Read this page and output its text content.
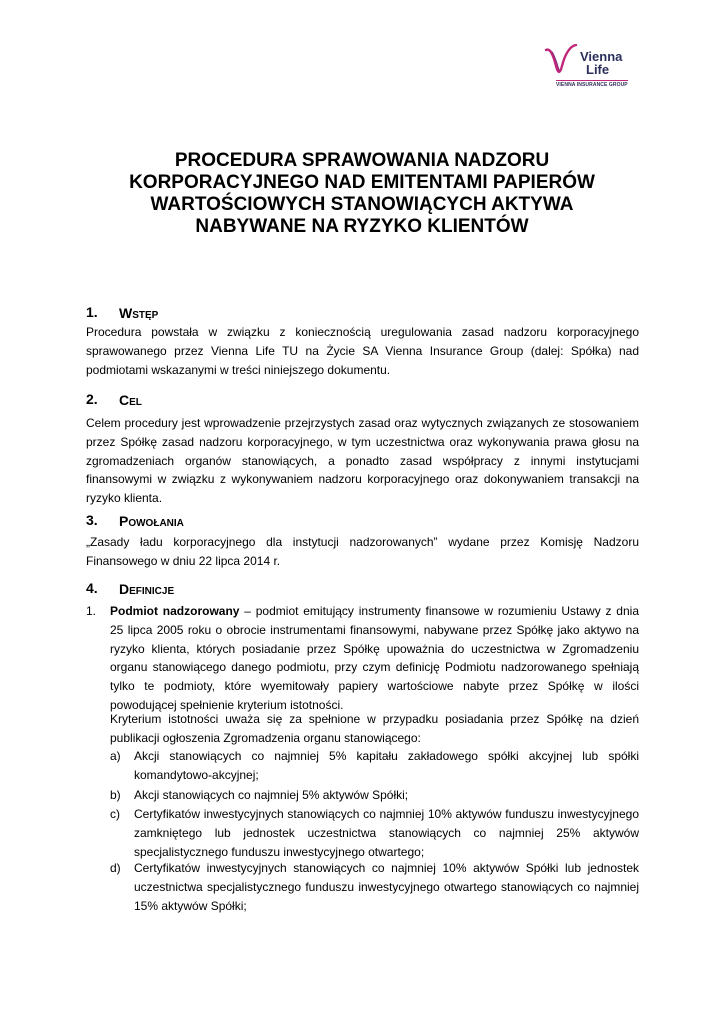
Vienna
Life
VIENNA INSURANCE GROUP
PROCEDURA SPRAWOWANIA NADZORU
KORPORACYJNEGO NAD EMITENTAMI PAPIERÓW
WARTOŚCIOWYCH STANOWIĄCYCH AKTYWA
NABYWANE NA RYZYKO KLIENTÓW
1. Wstęp
Procedura powstała w związku z koniecznością uregulowania zasad nadzoru korporacyjnego sprawowanego przez Vienna Life TU na Życie SA Vienna Insurance Group (dalej: Spółka) nad podmiotami wskazanymi w treści niniejszego dokumentu.
2. Cel
Celem procedury jest wprowadzenie przejrzystych zasad oraz wytycznych związanych ze stosowaniem przez Spółkę zasad nadzoru korporacyjnego, w tym uczestnictwa oraz wykonywania prawa głosu na zgromadzeniach organów stanowiących, a ponadto zasad współpracy z innymi instytucjami finansowymi w związku z wykonywaniem nadzoru korporacyjnego oraz dokonywaniem transakcji na ryzyko klienta.
3. Powołania
„Zasady ładu korporacyjnego dla instytucji nadzorowanych” wydane przez Komisję Nadzoru Finansowego w dniu 22 lipca 2014 r.
4. Definicje
1. Podmiot nadzorowany – podmiot emitujący instrumenty finansowe w rozumieniu Ustawy z dnia 25 lipca 2005 roku o obrocie instrumentami finansowymi, nabywane przez Spółkę jako aktywo na ryzyko klienta, których posiadanie przez Spółkę upoważnia do uczestnictwa w Zgromadzeniu organu stanowiącego danego podmiotu, przy czym definicję Podmiotu nadzorowanego spełniają tylko te podmioty, które wyemitowały papiery wartościowe nabyte przez Spółkę w ilości powodującej spełnienie kryterium istotności.
Kryterium istotności uważa się za spełnione w przypadku posiadania przez Spółkę na dzień publikacji ogłoszenia Zgromadzenia organu stanowiącego:
a) Akcji stanowiących co najmniej 5% kapitału zakładowego spółki akcyjnej lub spółki komandytowo-akcyjnej;
b) Akcji stanowiących co najmniej 5% aktywów Spółki;
c) Certyfikatów inwestycyjnych stanowiących co najmniej 10% aktywów funduszu inwestycyjnego zamkniętego lub jednostek uczestnictwa stanowiących co najmniej 25% aktywów specjalistycznego funduszu inwestycyjnego otwartego;
d) Certyfikatów inwestycyjnych stanowiących co najmniej 10% aktywów Spółki lub jednostek uczestnictwa specjalistycznego funduszu inwestycyjnego otwartego stanowiących co najmniej 15% aktywów Spółki;
